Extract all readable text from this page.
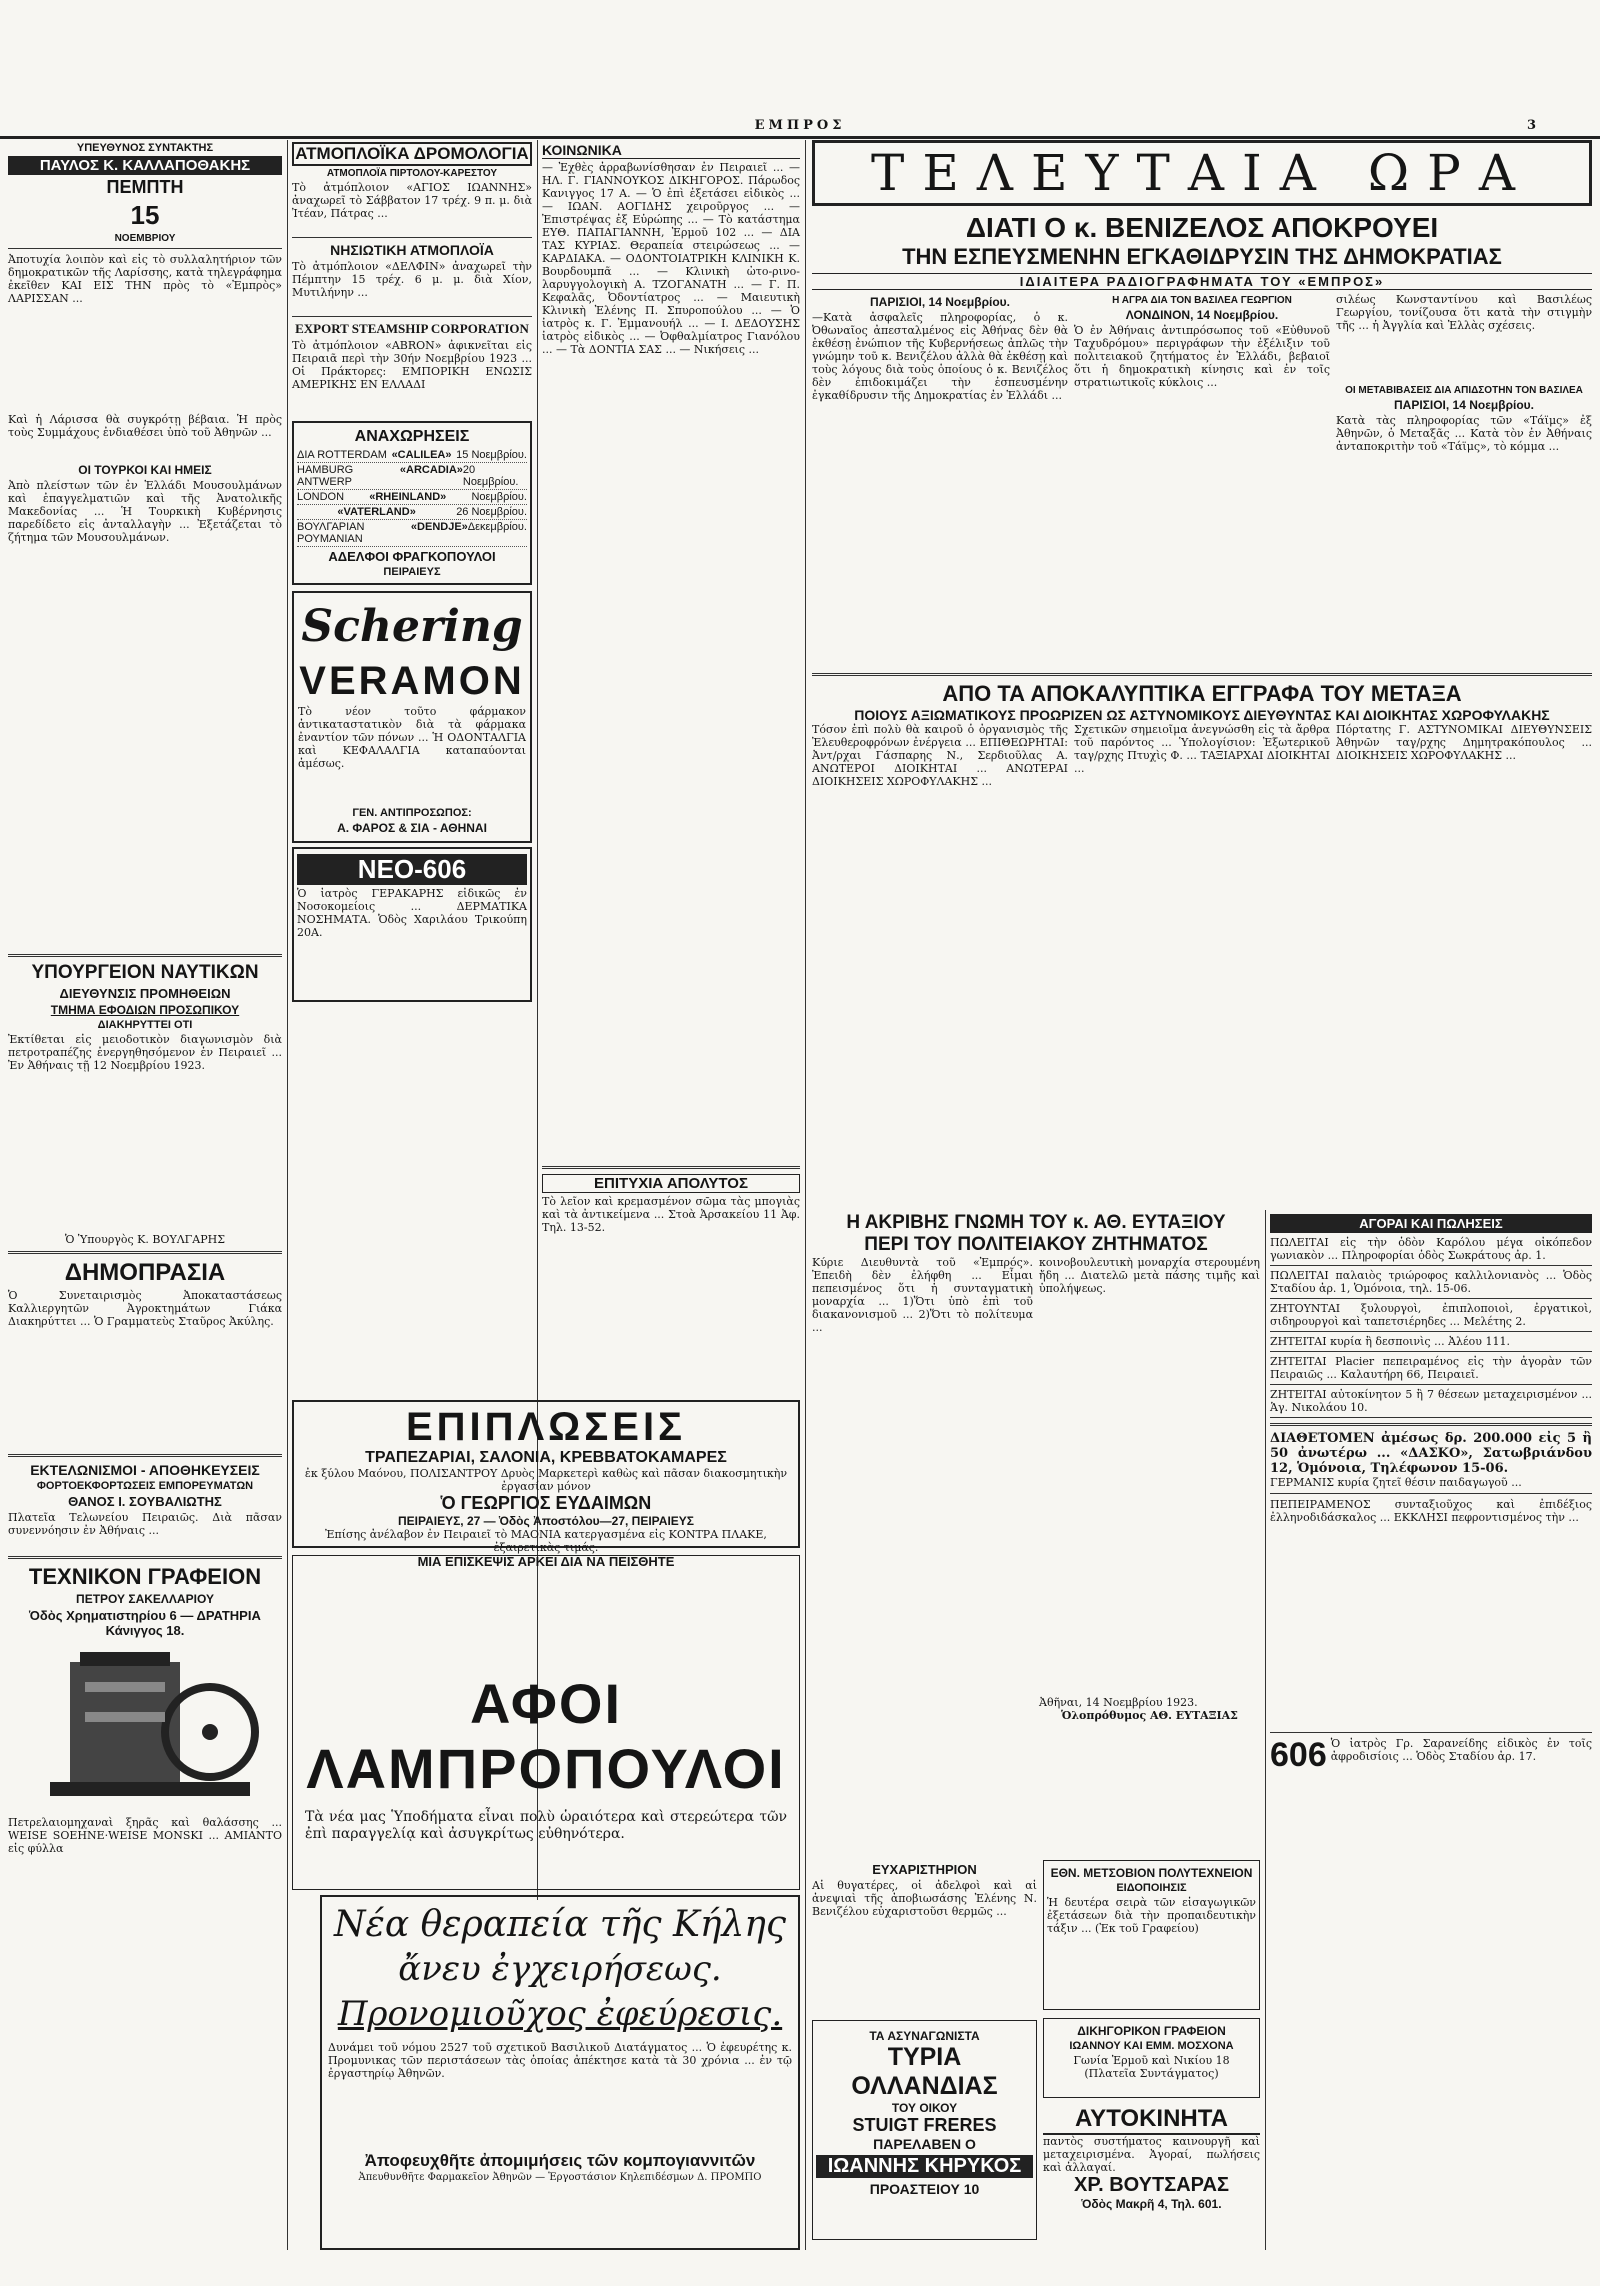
ΕΜΠΡΟΣ	3
ΥΠΕΥΘΥΝΟΣ ΣΥΝΤΑΚΤΗΣ
ΠΑΥΛΟΣ Κ. ΚΑΛΛΑΠΟΘΑΚΗΣ
ΠΕΜΠΤΗ
15
ΝΟΕΜΒΡΙΟΥ

Ἀποτυχία λοιπὸν καὶ εἰς τὸ συλλαλητήριον τῶν δημοκρατικῶν τῆς Λαρίσσης, κατὰ τηλεγράφημα ἐκεῖθεν ΚΑΙ ΕΙΣ ΤΗΝ πρὸς τὸ «Ἐμπρὸς» ΛΑΡΙΣΣΑΝ ...

Καὶ ἡ Λάρισσα θὰ συγκρότῃ βέβαια. Ἡ πρὸς τοὺς Συμμάχους ἐνδιαθέσει ὑπὸ τοῦ Ἀθηνῶν ...

ΟΙ ΤΟΥΡΚΟΙ ΚΑΙ ΗΜΕΙΣ

Ἀπὸ πλείστων τῶν ἐν Ἑλλάδι Μουσουλμάνων καὶ ἐπαγγελματιῶν καὶ τῆς Ἀνατολικῆς Μακεδονίας ... Ἡ Τουρκικὴ Κυβέρνησις παρεδίδετο εἰς ἀνταλλαγὴν ... Ἐξετάζεται τὸ ζήτημα τῶν Μουσουλμάνων.

ΥΠΟΥΡΓΕΙΟΝ ΝΑΥΤΙΚΩΝ
ΔΙΕΥΘΥΝΣΙΣ ΠΡΟΜΗΘΕΙΩΝ
ΤΜΗΜΑ ΕΦΟΔΙΩΝ ΠΡΟΣΩΠΙΚΟΥ
ΔΙΑΚΗΡΥΤΤΕΙ ΟΤΙ

Ἐκτίθεται εἰς μειοδοτικὸν διαγωνισμὸν διὰ πετροτραπέζης ἐνεργηθησόμενον ἐν Πειραιεῖ ... Ἐν Ἀθήναις τῇ 12 Νοεμβρίου 1923.

Ὁ Ὑπουργὸς Κ. ΒΟΥΛΓΑΡΗΣ

ΔΗΜΟΠΡΑΣΙΑ

Ὁ Συνεταιρισμὸς Ἀποκαταστάσεως Καλλιεργητῶν Ἀγροκτημάτων Γιάκα Διακηρύττει ... Ὁ Γραμματεὺς Σταῦρος Ἀκύλης.

ΕΚΤΕΛΩΝΙΣΜΟΙ - ΑΠΟΘΗΚΕΥΣΕΙΣ
ΦΟΡΤΟΕΚΦΟΡΤΩΣΕΙΣ ΕΜΠΟΡΕΥΜΑΤΩΝ
ΘΑΝΟΣ Ι. ΣΟΥΒΑΛΙΩΤΗΣ

Πλατεῖα Τελωνείου Πειραιῶς. Διὰ πᾶσαν συνεννόησιν ἐν Ἀθήναις ...

ΤΕΧΝΙΚΟΝ ΓΡΑΦΕΙΟΝ
ΠΕΤΡΟΥ ΣΑΚΕΛΛΑΡΙΟΥ
Ὁδὸς Χρηματιστηρίου 6 — ΔΡΑΤΗΡΙΑ Κάνιγγος 18.

Πετρελαιομηχαναὶ ξηρᾶς καὶ θαλάσσης ... WEISE SOEHNE·WEISE MONSKI ... ΑΜΙΑΝΤΟ εἰς φύλλα

ΑΤΜΟΠΛΟΪΚΑ ΔΡΟΜΟΛΟΓΙΑ
ΑΤΜΟΠΛΟΪΑ ΠΙΡΤΟΛΟΥ-ΚΑΡΕΣΤΟΥ

Τὸ ἀτμόπλοιον «ΑΓΙΟΣ ΙΩΑΝΝΗΣ» ἀναχωρεῖ τὸ Σάββατον 17 τρέχ. 9 π. μ. διὰ Ἰτέαν, Πάτρας ...

ΝΗΣΙΩΤΙΚΗ ΑΤΜΟΠΛΟΪΑ

Τὸ ἀτμόπλοιον «ΔΕΛΦΙΝ» ἀναχωρεῖ τὴν Πέμπτην 15 τρέχ. 6 μ. μ. διὰ Χίον, Μυτιλήνην ...

EXPORT STEAMSHIP CORPORATION

Τὸ ἀτμόπλοιον «ABRON» ἀφικνεῖται εἰς Πειραιᾶ περὶ τὴν 30ήν Νοεμβρίου 1923 ... Οἱ Πράκτορες: ΕΜΠΟΡΙΚΗ ΕΝΩΣΙΣ ΑΜΕΡΙΚΗΣ ΕΝ ΕΛΛΑΔΙ

ΑΝΑΧΩΡΗΣΕΙΣ
ΔΙΑ ROTTERDAM «CALILEA» 15 Νοεμβρίου.
HAMBURG ANTWERP
«ARCADIA» 20 Νοεμβρίου.
LONDON «RHEINLAND» Νοεμβρίου.
«VATERLAND»	26 Νοεμβρίου.
ΒΟΥΛΓΑΡΙΑΝ ΡΟΥΜΑΝΙΑΝ
«DENDJE» Δεκεμβρίου.
ΑΔΕΛΦΟΙ ΦΡΑΓΚΟΠΟΥΛΟΙ
ΠΕΙΡΑΙΕΥΣ
Schering
VERAMON

Τὸ νέον τοῦτο φάρμακον ἀντικαταστατικὸν διὰ τὰ φάρμακα ἐναντίον τῶν πόνων ... Ἡ ΟΔΟΝΤΑΛΓΙΑ καὶ ΚΕΦΑΛΑΛΓΙΑ καταπαύονται ἀμέσως.

ΓΕΝ. ΑΝΤΙΠΡΟΣΩΠΟΣ:
Α. ΦΑΡΟΣ & ΣΙΑ - ΑΘΗΝΑΙ
ΝΕΟ-606

Ὁ ἰατρὸς ΓΕΡΑΚΑΡΗΣ εἰδικῶς ἐν Νοσοκομείοις ... ΔΕΡΜΑΤΙΚΑ ΝΟΣΗΜΑΤΑ. Ὁδὸς Χαριλάου Τρικούπη 20Α.

ΚΟΙΝΩΝΙΚΑ

— Ἐχθὲς ἀρραβωνίσθησαν ἐν Πειραιεῖ ... — ΗΛ. Γ. ΓΙΑΝΝΟΥΚΟΣ ΔΙΚΗΓΟΡΟΣ. Πάρωδος Κανιγγος 17 Α. — Ὁ ἐπὶ ἐξετάσει εἰδικὸς ... — ΙΩΑΝ. ΑΟΓΙΔΗΣ χειροῦργος ... — Ἐπιστρέψας ἐξ Εὐρώπης ... — Τὸ κατάστημα ΕΥΘ. ΠΑΠΑΓΙΑΝΝΗ, Ἑρμοῦ 102 ... — ΔΙΑ ΤΑΣ ΚΥΡΙΑΣ. Θεραπεία στειρώσεως ... — ΚΑΡΔΙΑΚΑ. — ΟΔΟΝΤΟΙΑΤΡΙΚΗ ΚΛΙΝΙΚΗ Κ. Βουρδουμπᾶ ... — Κλινικὴ ὠτο-ρινο-λαρυγγολογικὴ Α. ΤΖΟΓΑΝΑΤΗ ... — Γ. Π. Κεφαλᾶς, Ὀδοντίατρος ... — Μαιευτικὴ Κλινικὴ Ἑλένης Π. Σπυροπούλου ... — Ὁ ἰατρὸς κ. Γ. Ἐμμανουήλ ... — Ι. ΔΕΔΟΥΣΗΣ ἰατρὸς εἰδικὸς ... — Ὀφθαλμίατρος Γιανόλου ... — Τὰ ΔΟΝΤΙΑ ΣΑΣ ... — Νικήσεις ...

ΕΠΙΤΥΧΙΑ ΑΠΟΛΥΤΟΣ

Τὸ λεῖον καὶ κρεμασμένον σῶμα τὰς μπογιὰς καὶ τὰ ἀντικείμενα ... Στοὰ Ἀρσακείου 11 Ἀφ. Τηλ. 13-52.

ΕΠΙΠΛΩΣΕΙΣ
ΤΡΑΠΕΖΑΡΙΑΙ, ΣΑΛΟΝΙΑ, ΚΡΕΒΒΑΤΟΚΑΜΑΡΕΣ

ἐκ ξύλου Μαόνου, ΠΟΛΙΣΑΝΤΡΟΥ Δρυὸς Μαρκετερὶ καθὼς καὶ πᾶσαν διακοσμητικὴν ἐργασίαν μόνον

Ὁ ΓΕΩΡΓΙΟΣ ΕΥΔΑΙΜΩΝ
ΠΕΙΡΑΙΕΥΣ, 27 — Ὁδὸς Ἀποστόλου—27, ΠΕΙΡΑΙΕΥΣ

Ἐπίσης ἀνέλαβον ἐν Πειραιεῖ τὸ ΜΑΟΝΙΑ κατεργασμένα εἰς ΚΟΝΤΡΑ ΠΛΑΚΕ, ἐξαιρετικὰς τιμάς.

ΜΙΑ ΕΠΙΣΚΕΨΙΣ ΑΡΚΕΙ ΔΙΑ ΝΑ ΠΕΙΣΘΗΤΕ
ΑΦΟΙ ΛΑΜΠΡΟΠΟΥΛΟΙ

Τὰ νέα μας Ὑποδήματα εἶναι πολὺ ὡραιότερα καὶ στερεώτερα τῶν ἐπὶ παραγγελίᾳ καὶ ἀσυγκρίτως εὐθηνότερα.

Νέα θεραπεία τῆς Κήλης
ἄνευ ἐγχειρήσεως.
Προνομιοῦχος ἐφεύρεσις.

Δυνάμει τοῦ νόμου 2527 τοῦ σχετικοῦ Βασιλικοῦ Διατάγματος ... Ὁ ἐφευρέτης κ. Προμυνικας τῶν περιστάσεων τὰς ὁποίας ἀπέκτησε κατὰ τὰ 30 χρόνια ... ἐν τῷ ἐργαστηρίῳ Ἀθηνῶν.

Ἀποφευχθῆτε ἀπομιμήσεις τῶν κομπογιαννιτῶν

Ἀπευθυνθῆτε Φαρμακεῖον Ἀθηνῶν — Ἑργοστάσιον Κηλεπιδέσμων Δ. ΠΡΟΜΠΟ

ΤΕΛΕΥΤΑΙΑ ΩΡΑ
ΔΙΑΤΙ Ο κ. ΒΕΝΙΖΕΛΟΣ ΑΠΟΚΡΟΥΕΙ
ΤΗΝ ΕΣΠΕΥΣΜΕΝΗΝ ΕΓΚΑΘΙΔΡΥΣΙΝ ΤΗΣ ΔΗΜΟΚΡΑΤΙΑΣ
ΙΔΙΑΙΤΕΡΑ ΡΑΔΙΟΓΡΑΦΗΜΑΤΑ ΤΟΥ «ΕΜΠΡΟΣ»
ΠΑΡΙΣΙΟΙ, 14 Νοεμβρίου.

—Κατὰ ἀσφαλεῖς πληροφορίας, ὁ κ. Ὀθωναῖος ἀπεσταλμένος εἰς Ἀθήνας δὲν θὰ ἐκθέσῃ ἐνώπιον τῆς Κυβερνήσεως ἀπλῶς τὴν γνώμην τοῦ κ. Βενιζέλου ἀλλὰ θὰ ἐκθέσῃ καὶ τοὺς λόγους διὰ τοὺς ὁποίους ὁ κ. Βενιζέλος δὲν ἐπιδοκιμάζει τὴν ἐσπευσμένην ἐγκαθίδρυσιν τῆς Δημοκρατίας ἐν Ἑλλάδι ...

Η ΑΓΡΑ ΔΙΑ ΤΟΝ ΒΑΣΙΛΕΑ ΓΕΩΡΓΙΟΝ
ΛΟΝΔΙΝΟΝ, 14 Νοεμβρίου.

Ὁ ἐν Ἀθήναις ἀντιπρόσωπος τοῦ «Εὐθυνοῦ Ταχυδρόμου» περιγράφων τὴν ἐξέλιξιν τοῦ πολιτειακοῦ ζητήματος ἐν Ἑλλάδι, βεβαιοῖ ὅτι ἡ δημοκρατικὴ κίνησις καὶ ἐν τοῖς στρατιωτικοῖς κύκλοις ...

σιλέως Κωνσταντίνου καὶ Βασιλέως Γεωργίου, τονίζουσα ὅτι κατὰ τὴν στιγμὴν τῆς ... ἡ Ἀγγλία καὶ Ἑλλὰς σχέσεις.

ΟΙ ΜΕΤΑΒΙΒΑΣΕΙΣ ΔΙΑ ΑΠΙΔΣΟΤΗΝ ΤΟΝ ΒΑΣΙΛΕΑ
ΠΑΡΙΣΙΟΙ, 14 Νοεμβρίου.

Κατὰ τὰς πληροφορίας τῶν «Τάϊμς» ἐξ Ἀθηνῶν, ὁ Μεταξᾶς ... Κατὰ τὸν ἐν Ἀθήναις ἀνταποκριτὴν τοῦ «Τάϊμς», τὸ κόμμα ...

ΑΠΟ ΤΑ ΑΠΟΚΑΛΥΠΤΙΚΑ ΕΓΓΡΑΦΑ ΤΟΥ ΜΕΤΑΞΑ
ΠΟΙΟΥΣ ΑΞΙΩΜΑΤΙΚΟΥΣ ΠΡΟΩΡΙΖΕΝ ΩΣ ΑΣΤΥΝΟΜΙΚΟΥΣ ΔΙΕΥΘΥΝΤΑΣ ΚΑΙ ΔΙΟΙΚΗΤΑΣ ΧΩΡΟΦΥΛΑΚΗΣ

Τόσον ἐπὶ πολὺ θὰ καιροῦ ὁ ὀργανισμὸς τῆς Ἐλευθεροφρόνων ἐνέργεια ... ΕΠΙΘΕΩΡΗΤΑΙ: Ἀντ/ρχαι Γάσπαρης Ν., Σερδιοῦλας Α. ΑΝΩΤΕΡΟΙ ΔΙΟΙΚΗΤΑΙ ... ΑΝΩΤΕΡΑΙ ΔΙΟΙΚΗΣΕΙΣ ΧΩΡΟΦΥΛΑΚΗΣ ...

Σχετικῶν σημειοῖμα ἀνεγνώσθη εἰς τὰ ἄρθρα τοῦ παρόντος ... Ὑπολογίσιον: Ἐξωτερικοῦ ταγ/ρχης Πτυχὶς Φ. ... ΤΑΞΙΑΡΧΑΙ ΔΙΟΙΚΗΤΑΙ ...

Πόρτατης Γ. ΑΣΤΥΝΟΜΙΚΑΙ ΔΙΕΥΘΥΝΣΕΙΣ Ἀθηνῶν ταγ/ρχης Δημητρακόπουλος ... ΔΙΟΙΚΗΣΕΙΣ ΧΩΡΟΦΥΛΑΚΗΣ ...

Η ΑΚΡΙΒΗΣ ΓΝΩΜΗ ΤΟΥ κ. ΑΘ. ΕΥΤΑΞΙΟΥ
ΠΕΡΙ ΤΟΥ ΠΟΛΙΤΕΙΑΚΟΥ ΖΗΤΗΜΑΤΟΣ

Κύριε Διευθυντὰ τοῦ «Ἐμπρός». Ἐπειδὴ δὲν ἐλήφθη ... Εἶμαι πεπεισμένος ὅτι ἡ συνταγματικὴ μοναρχία ... 1)Ὅτι ὑπὸ ἐπὶ τοῦ διακανονισμοῦ ... 2)Ὅτι τὸ πολίτευμα ...

κοινοβουλευτικὴ μοναρχία στερουμένη ἤδη ... Διατελῶ μετὰ πάσης τιμῆς καὶ ὑπολήψεως.

Ἀθῆναι, 14 Νοεμβρίου 1923.

Ὁλοπρόθυμος ΑΘ. ΕΥΤΑΞΙΑΣ

ΕΥΧΑΡΙΣΤΗΡΙΟΝ

Αἱ θυγατέρες, οἱ ἀδελφοὶ καὶ αἱ ἀνεψιαὶ τῆς ἀποβιωσάσης Ἑλένης Ν. Βενιζέλου εὐχαριστοῦσι θερμῶς ...

ΕΘΝ. ΜΕΤΣΟΒΙΟΝ ΠΟΛΥΤΕΧΝΕΙΟΝ
ΕΙΔΟΠΟΙΗΣΙΣ

Ἡ δευτέρα σειρὰ τῶν εἰσαγωγικῶν ἐξετάσεων διὰ τὴν προπαιδευτικὴν τάξιν ... (Ἐκ τοῦ Γραφείου)

ΤΑ ΑΣΥΝΑΓΩΝΙΣΤΑ
ΤΥΡΙΑ ΟΛΛΑΝΔΙΑΣ
ΤΟΥ ΟΙΚΟΥ
STUIGT FRERES
ΠΑΡΕΛΑΒΕΝ Ο
ΙΩΑΝΝΗΣ ΚΗΡΥΚΟΣ
ΠΡΟΑΣΤΕΙΟΥ 10
ΔΙΚΗΓΟΡΙΚΟΝ ΓΡΑΦΕΙΟΝ
ΙΩΑΝΝΟΥ ΚΑΙ ΕΜΜ. ΜΟΣΧΟΝΑ

Γωνία Ἑρμοῦ καὶ Νικίου 18 (Πλατεῖα Συντάγματος)

ΑΥΤΟΚΙΝΗΤΑ

παντὸς συστήματος καινουργῆ καὶ μεταχειρισμένα. Ἀγοραί, πωλήσεις καὶ ἀλλαγαί.

ΧΡ. ΒΟΥΤΣΑΡΑΣ
Ὁδὸς Μακρῆ 4, Τηλ. 601.
ΑΓΟΡΑΙ ΚΑΙ ΠΩΛΗΣΕΙΣ

ΠΩΛΕΙΤΑΙ εἰς τὴν ὁδὸν Καρόλου μέγα οἰκόπεδον γωνιακὸν ... Πληροφορίαι ὁδὸς Σωκράτους ἀρ. 1.

ΠΩΛΕΙΤΑΙ παλαιὸς τριώροφος καλλιλονιανὸς ... Ὁδὸς Σταδίου ἀρ. 1, Ὁμόνοια, τηλ. 15-06.

ΖΗΤΟΥΝΤΑΙ ξυλουργοὶ, ἐπιπλοποιοὶ, ἐργατικοὶ, σιδηρουργοὶ καὶ ταπετσιέρηδες ... Μελέτης 2.

ΖΗΤΕΙΤΑΙ κυρία ἢ δεσποινὶς ... Ἀλέου 111.

ΖΗΤΕΙΤΑΙ Placier πεπειραμένος εἰς τὴν ἀγορὰν τῶν Πειραιῶς ... Καλαυτήρη 66, Πειραιεῖ.

ΖΗΤΕΙΤΑΙ αὐτοκίνητον 5 ἢ 7 θέσεων μεταχειρισμένον ... Ἁγ. Νικολάου 10.

ΔΙΑΘΕΤΟΜΕΝ ἀμέσως δρ. 200.000 εἰς 5 ἢ 50 ἀνωτέρω ... «ΔΑΣΚΟ», Σατωβριάνδου 12, Ὁμόνοια, Τηλέφωνον 15-06.

ΓΕΡΜΑΝΙΣ κυρία ζητεῖ θέσιν παιδαγωγοῦ ...

ΠΕΠΕΙΡΑΜΕΝΟΣ συνταξιοῦχος καὶ ἐπιδέξιος ἐλληνοδιδάσκαλος ... ΕΚΚΛΗΣΙ πεφροντισμένος τὴν ...

606 Ὁ ἰατρὸς Γρ. Σαρανείδης εἰδικὸς ἐν τοῖς ἀφροδισίοις ... Ὁδὸς Σταδίου ἀρ. 17.
